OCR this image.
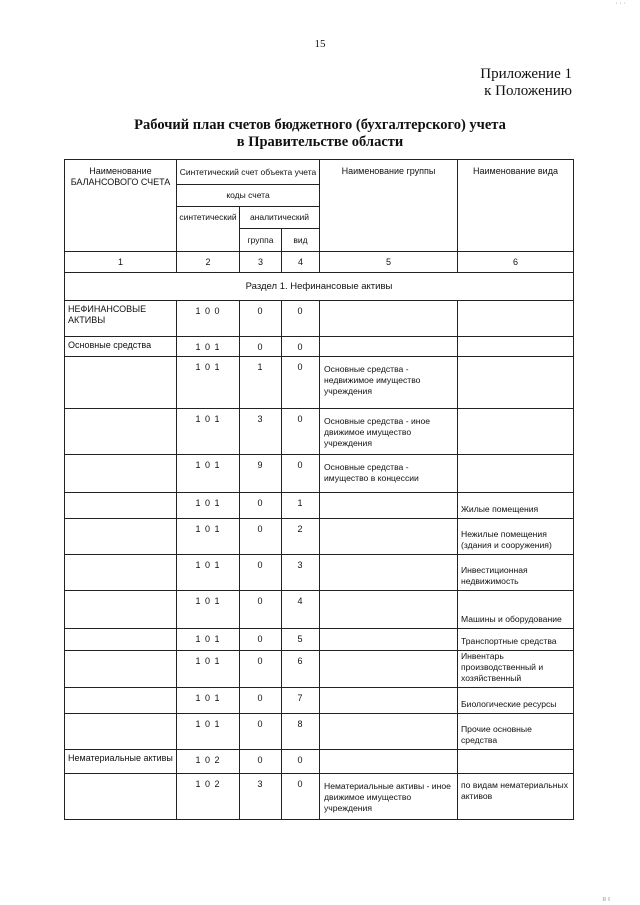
· · ·
15
Приложение 1
к Положению
Рабочий план счетов бюджетного (бухгалтерского) учета
в Правительстве области
Наименование БАЛАНСОВОГО СЧЕТА	Синтетический счет объекта учета			Наименование группы	Наименование вида
	коды счета				
	синтетический	аналитический			
		группа	вид		
1	2	3	4	5	6
Раздел 1. Нефинансовые активы					
НЕФИНАНСОВЫЕ АКТИВЫ	1 0 0	0	0		
Основные средства	1 0 1	0	0		
	1 0 1	1	0	Основные средства - недвижимое имущество учреждения	
	1 0 1	3	0	Основные средства - иное движимое имущество учреждения	
	1 0 1	9	0	Основные средства - имущество в концессии	
	1 0 1	0	1		Жилые помещения
	1 0 1	0	2		Нежилые помещения (здания и сооружения)
	1 0 1	0	3		Инвестиционная недвижимость
	1 0 1	0	4		Машины и оборудование
	1 0 1	0	5		Транспортные средства
	1 0 1	0	6		Инвентарь производственный и хозяйственный
	1 0 1	0	7		Биологические ресурсы
	1 0 1	0	8		Прочие основные средства
Нематериальные активы	1 0 2	0	0		
	1 0 2	3	0	Нематериальные активы - иное движимое имущество учреждения	по видам нематериальных активов
ıı ı
